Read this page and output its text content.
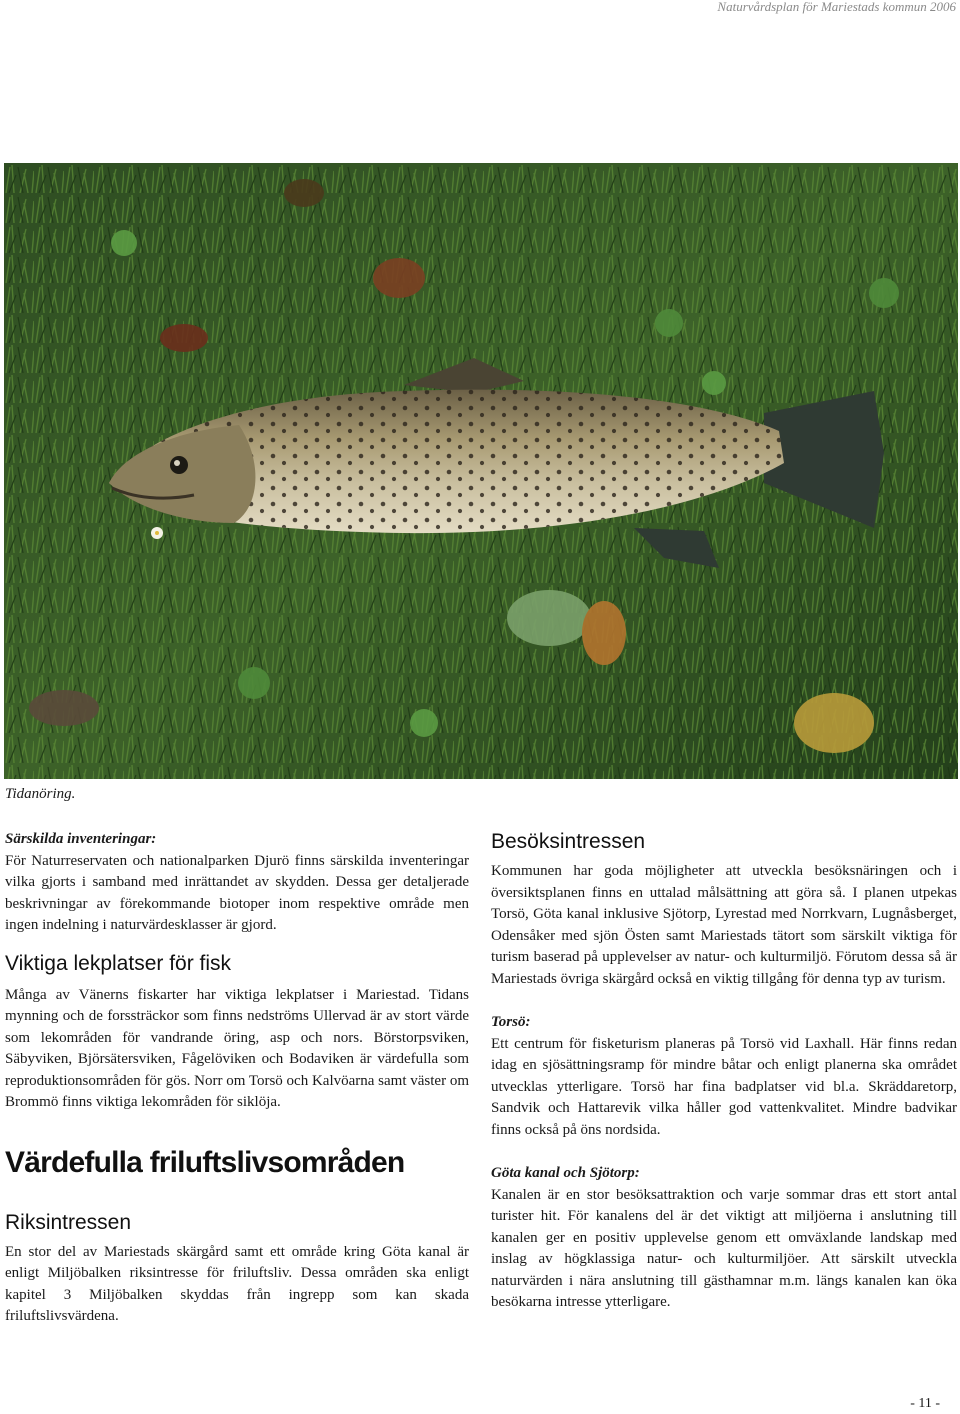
Naturvårdsplan för Mariestads kommun 2006
Tidanöring.

Särskilda inventeringar:

För Naturreservaten och nationalparken Djurö finns särskilda inventeringar vilka gjorts i samband med inrättandet av skydden. Dessa ger detaljerade beskrivningar av förekommande biotoper inom respektive område men ingen indelning i naturvärdesklasser är gjord.

Viktiga lekplatser för fisk

Många av Vänerns fiskarter har viktiga lekplatser i Mariestad. Tidans mynning och de forssträckor som finns nedströms Ullervad är av stort värde som lekområden för vandrande öring, asp och nors. Börstorpsviken, Säbyviken, Björsätersviken, Fågelöviken och Bodaviken är värdefulla som reproduktionsområden för gös. Norr om Torsö och Kalvöarna samt väster om Brommö finns viktiga lekområden för siklöja.

Värdefulla friluftslivsområden
Riksintressen

En stor del av Mariestads skärgård samt ett område kring Göta kanal är enligt Miljöbalken riksintresse för friluftsliv. Dessa områden ska enligt kapitel 3 Miljöbalken skyddas från ingrepp som kan skada friluftslivsvärdena.

Besöksintressen

Kommunen har goda möjligheter att utveckla besöksnäringen och i översiktsplanen finns en uttalad målsättning att göra så. I planen utpekas Torsö, Göta kanal inklusive Sjötorp, Lyrestad med Norrkvarn, Lugnåsberget, Odensåker med sjön Östen samt Mariestads tätort som särskilt viktiga för turism baserad på upplevelser av natur- och kulturmiljö. Förutom dessa så är Mariestads övriga skärgård också en viktig tillgång för denna typ av turism.

Torsö:

Ett centrum för fisketurism planeras på Torsö vid Laxhall. Här finns redan idag en sjösättningsramp för mindre båtar och enligt planerna ska området utvecklas ytterligare. Torsö har fina badplatser vid bl.a. Skräddaretorp, Sandvik och Hattarevik vilka håller god vattenkvalitet. Mindre badvikar finns också på öns nordsida.

Göta kanal och Sjötorp:

Kanalen är en stor besöksattraktion och varje sommar dras ett stort antal turister hit. För kanalens del är det viktigt att miljöerna i anslutning till kanalen ger en positiv upplevelse genom ett omväxlande landskap med inslag av högklassiga natur- och kulturmiljöer. Att särskilt utveckla naturvärden i nära anslutning till gästhamnar m.m. längs kanalen kan öka besökarna intresse ytterligare.

- 11 -
